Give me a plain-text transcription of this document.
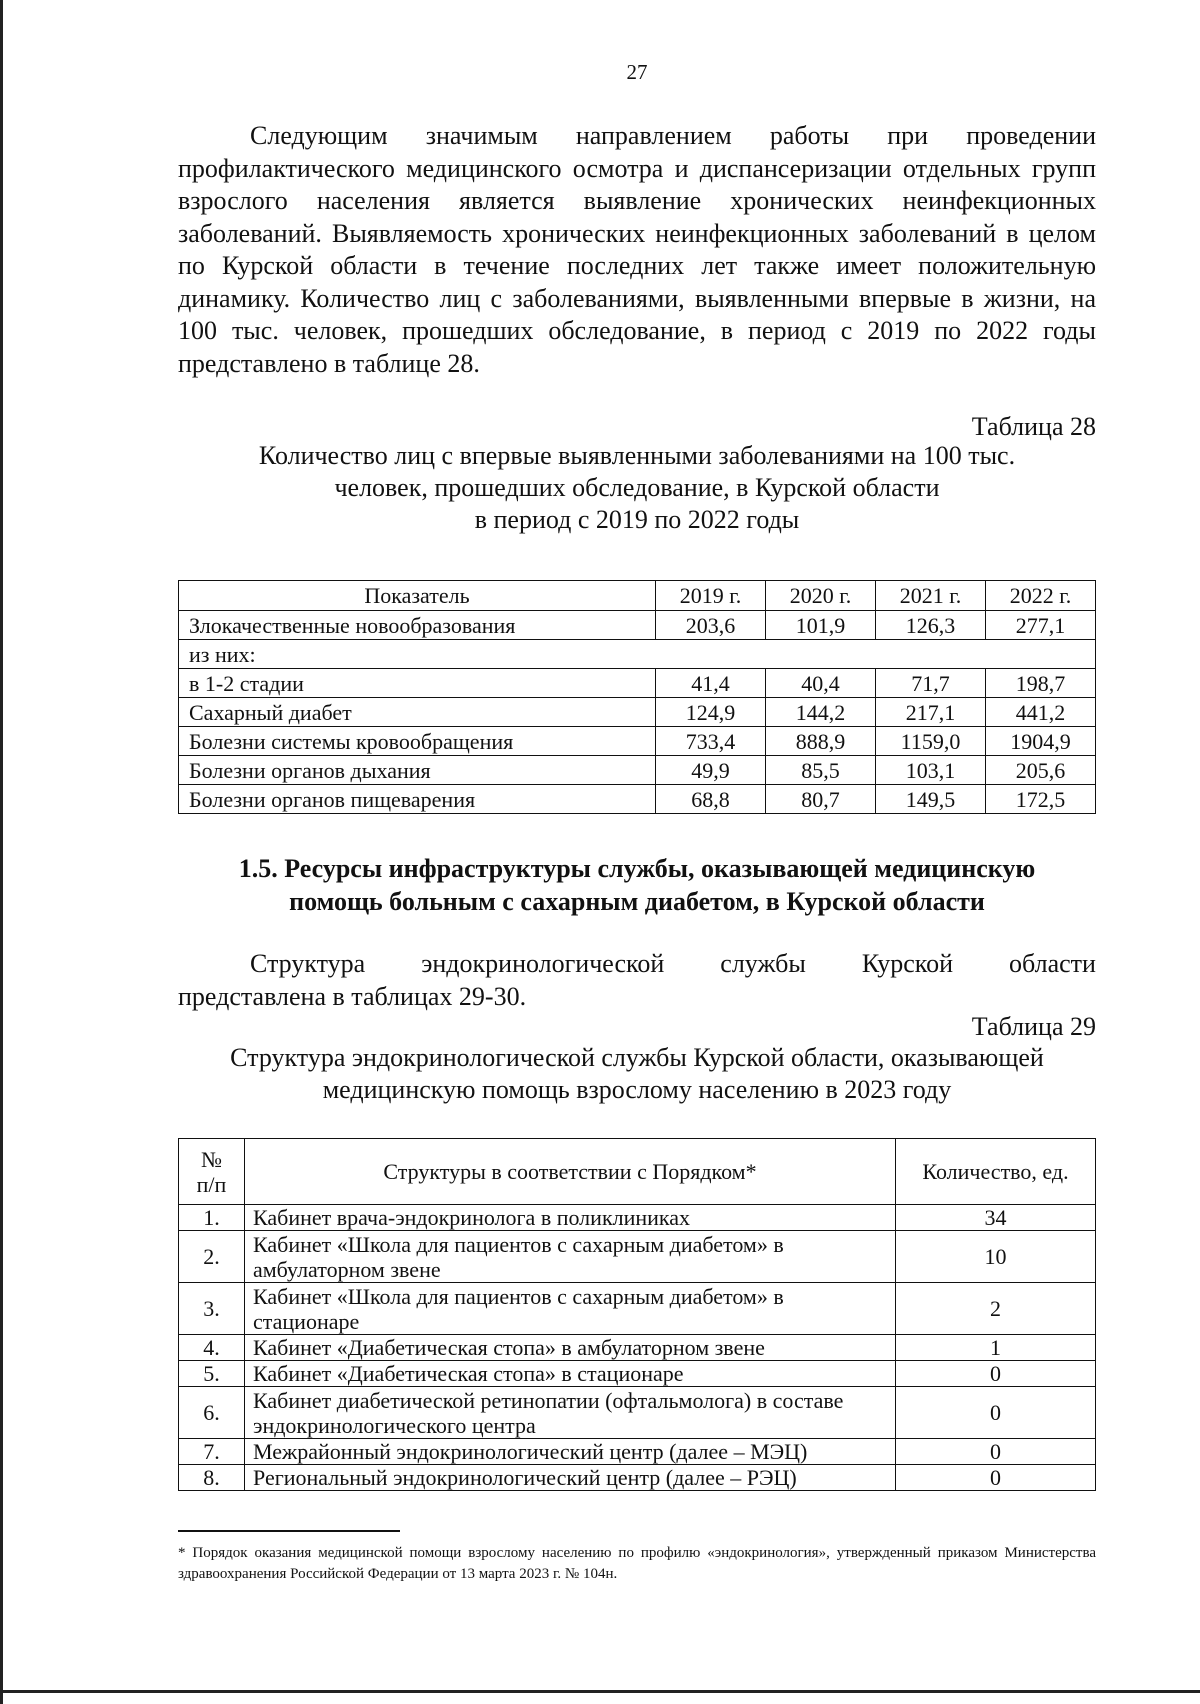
27

Следующим значимым направлением работы при проведении профилактического медицинского осмотра и диспансеризации отдельных групп взрослого населения является выявление хронических неинфекционных заболеваний. Выявляемость хронических неинфекционных заболеваний в целом по Курской области в течение последних лет также имеет положительную динамику. Количество лиц с заболеваниями, выявленными впервые в жизни, на 100 тыс. человек, прошедших обследование, в период с 2019 по 2022 годы представлено в таблице 28.

Таблица 28
Количество лиц с впервые выявленными заболеваниями на 100 тыс.
человек, прошедших обследование, в Курской области
в период с 2019 по 2022 годы
Показатель	2019 г.	2020 г.	2021 г.	2022 г.
Злокачественные новообразования	203,6	101,9	126,3	277,1
из них:				
в 1-2 стадии	41,4	40,4	71,7	198,7
Сахарный диабет	124,9	144,2	217,1	441,2
Болезни системы кровообращения	733,4	888,9	1159,0	1904,9
Болезни органов дыхания	49,9	85,5	103,1	205,6
Болезни органов пищеварения	68,8	80,7	149,5	172,5
1.5. Ресурсы инфраструктуры службы, оказывающей медицинскую
помощь больным с сахарным диабетом, в Курской области
Структура эндокринологической службы Курской области
представлена в таблицах 29-30.
Таблица 29
Структура эндокринологической службы Курской области, оказывающей
медицинскую помощь взрослому населению в 2023 году
№
п/п	Структуры в соответствии с Порядком*	Количество, ед.
1.	Кабинет врача-эндокринолога в поликлиниках	34
2.	Кабинет «Школа для пациентов с сахарным диабетом» в амбулаторном звене	10
3.	Кабинет «Школа для пациентов с сахарным диабетом» в стационаре	2
4.	Кабинет «Диабетическая стопа» в амбулаторном звене	1
5.	Кабинет «Диабетическая стопа» в стационаре	0
6.	Кабинет диабетической ретинопатии (офтальмолога) в составе эндокринологического центра	0
7.	Межрайонный эндокринологический центр (далее – МЭЦ)	0
8.	Региональный эндокринологический центр (далее – РЭЦ)	0
* Порядок оказания медицинской помощи взрослому населению по профилю «эндокринология», утвержденный приказом Министерства здравоохранения Российской Федерации от 13 марта 2023 г. № 104н.
